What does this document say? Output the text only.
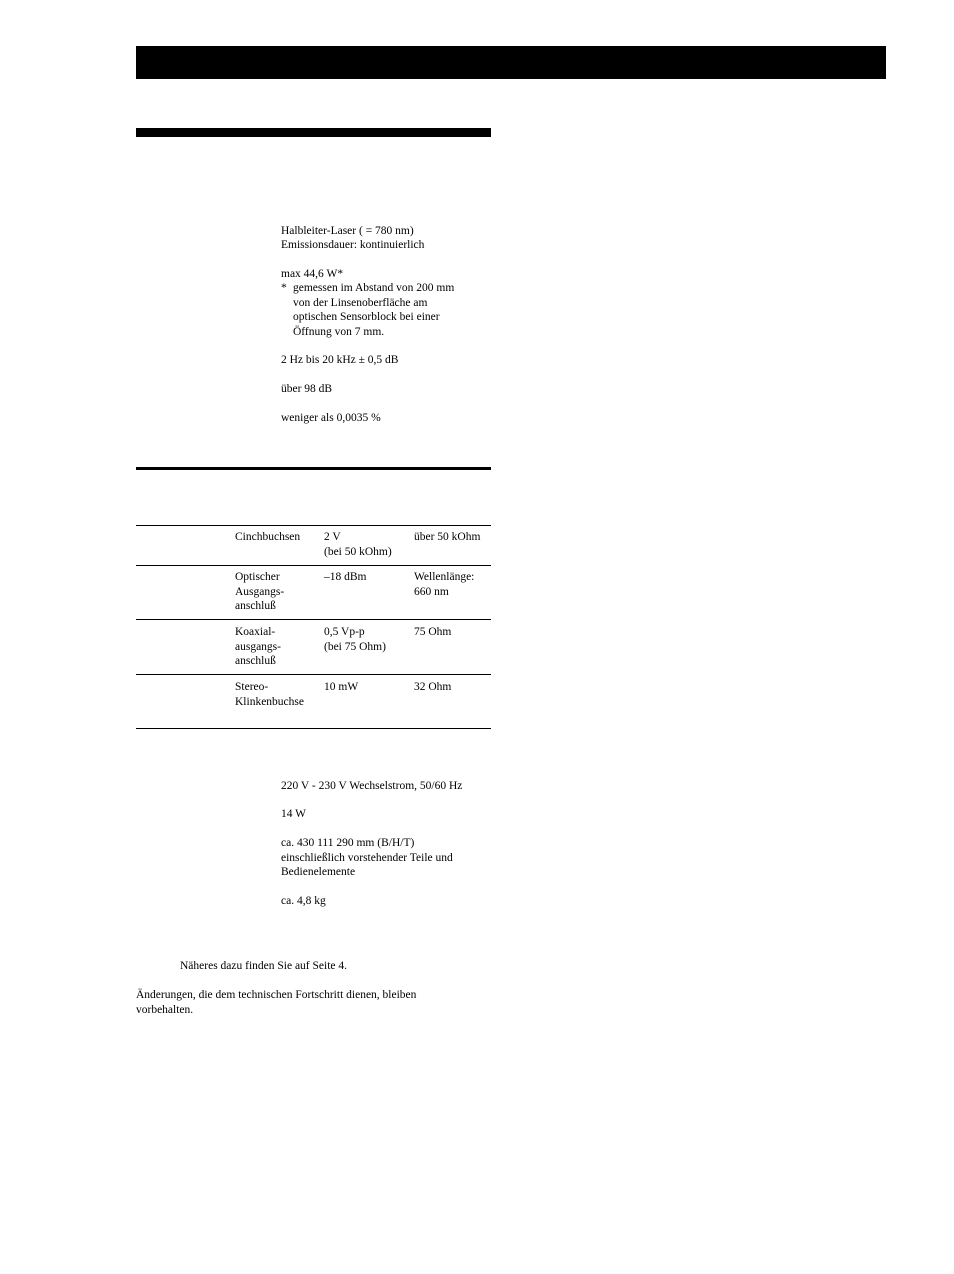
Halbleiter-Laser ( = 780 nm)
Emissionsdauer: kontinuierlich
max 44,6 W*
* gemessen im Abstand von 200 mm
von der Linsenoberfläche am
optischen Sensorblock bei einer
Öffnung von 7 mm.
2 Hz bis 20 kHz ± 0,5 dB
über 98 dB
weniger als 0,0035 %
Cinchbuchsen 2 V
(bei 50 kOhm)
über 50 kOhm
Optischer
Ausgangs-
anschluß
–18 dBm	Wellenlänge:
660 nm
Koaxial-
ausgangs-
anschluß
0,5 Vp-p
(bei 75 Ohm)
75 Ohm
Stereo-
Klinkenbuchse
10 mW	32 Ohm
220 V - 230 V Wechselstrom, 50/60 Hz
14 W
ca. 430 111 290 mm (B/H/T)
einschließlich vorstehender Teile und
Bedienelemente
ca. 4,8 kg
Näheres dazu finden Sie auf Seite 4.
Änderungen, die dem technischen Fortschritt dienen, bleiben
vorbehalten.
